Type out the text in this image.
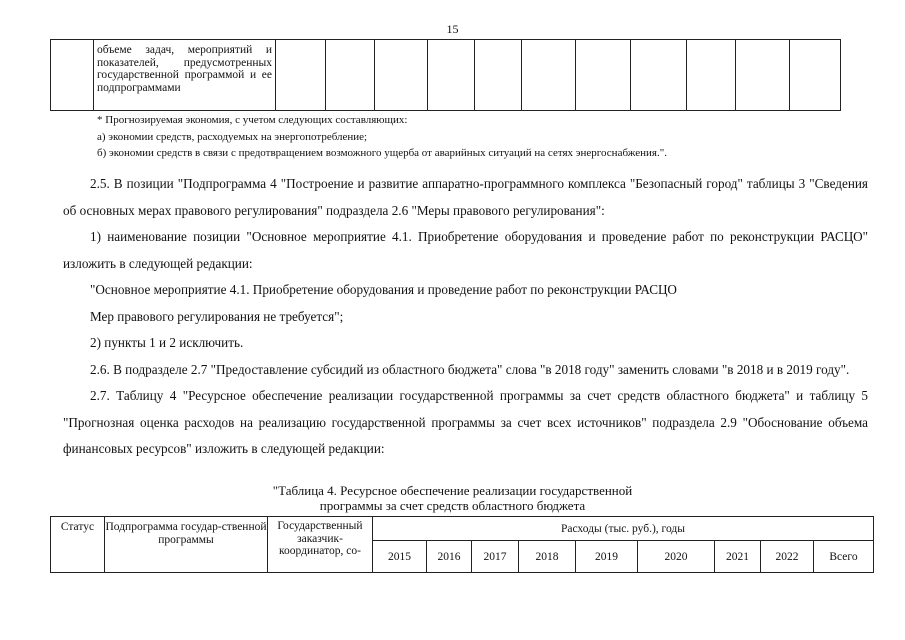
15
	объеме задач, мероприятий и показателей, предусмотренных государственной программой и ее подпрограммами											
* Прогнозируемая экономия, с учетом следующих составляющих:
а) экономии средств, расходуемых на энергопотребление;
б) экономии средств в связи с предотвращением возможного ущерба от аварийных ситуаций на сетях энергоснабжения.".

2.5. В позиции "Подпрограмма 4 "Построение и развитие аппаратно-программного комплекса "Безопасный город" таблицы 3 "Сведения об основных мерах правового регулирования" подраздела 2.6 "Меры правового регулирования":

1) наименование позиции "Основное мероприятие 4.1. Приобретение оборудования и проведение работ по реконструкции РАСЦО" изложить в следующей редакции:

"Основное мероприятие 4.1. Приобретение оборудования и проведение работ по реконструкции РАСЦО

Мер правового регулирования не требуется";

2) пункты 1 и 2 исключить.

2.6. В подразделе 2.7 "Предоставление субсидий из областного бюджета" слова "в 2018 году" заменить словами "в 2018 и в 2019 году".

2.7. Таблицу 4 "Ресурсное обеспечение реализации государственной программы за счет средств областного бюджета" и таблицу 5 "Прогнозная оценка расходов на реализацию государственной программы за счет всех источников" подраздела 2.9 "Обоснование объема финансовых ресурсов" изложить в следующей редакции:

"Таблица 4. Ресурсное обеспечение реализации государственной
программы за счет средств областного бюджета
Статус	Подпрограмма государ-ственной программы	Государственный заказчик-координатор, со-	Расходы (тыс. руб.), годы								
			2015	2016	2017	2018	2019	2020	2021	2022	Всего
